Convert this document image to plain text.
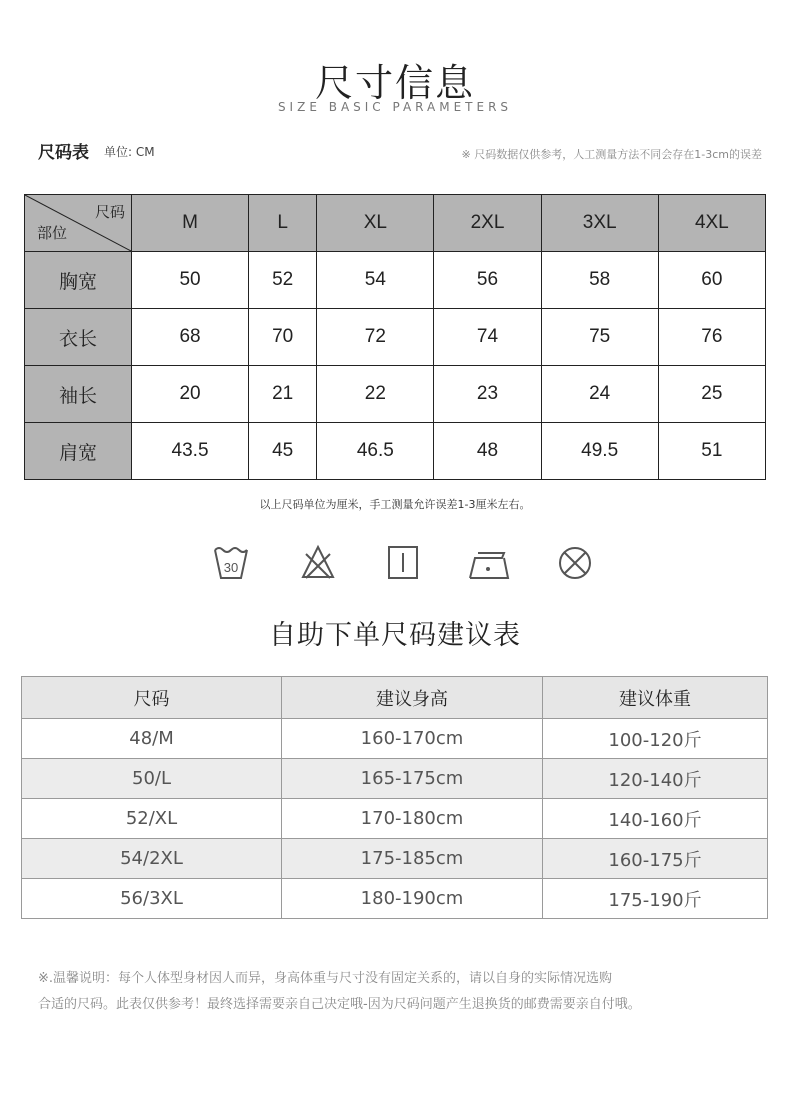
尺寸信息
SIZE BASIC PARAMETERS
尺码表 单位: CM	※ 尺码数据仅供参考，人工测量方法不同会存在1-3cm的误差
尺码
部位	M	L	XL	2XL	3XL	4XL
胸宽	50	52	54	56	58	60
衣长	68	70	72	74	75	76
袖长	20	21	22	23	24	25
肩宽	43.5	45	46.5	48	49.5	51
以上尺码单位为厘米，手工测量允许误差1-3厘米左右。
30
自助下单尺码建议表
尺码	建议身高	建议体重
48/M	160-170cm	100-120斤
50/L	165-175cm	120-140斤
52/XL	170-180cm	140-160斤
54/2XL	175-185cm	160-175斤
56/3XL	180-190cm	175-190斤
※.温馨说明：每个人体型身材因人而异，身高体重与尺寸没有固定关系的，请以自身的实际情况选购
合适的尺码。此表仅供参考！最终选择需要亲自己决定哦-因为尺码问题产生退换货的邮费需要亲自付哦。
